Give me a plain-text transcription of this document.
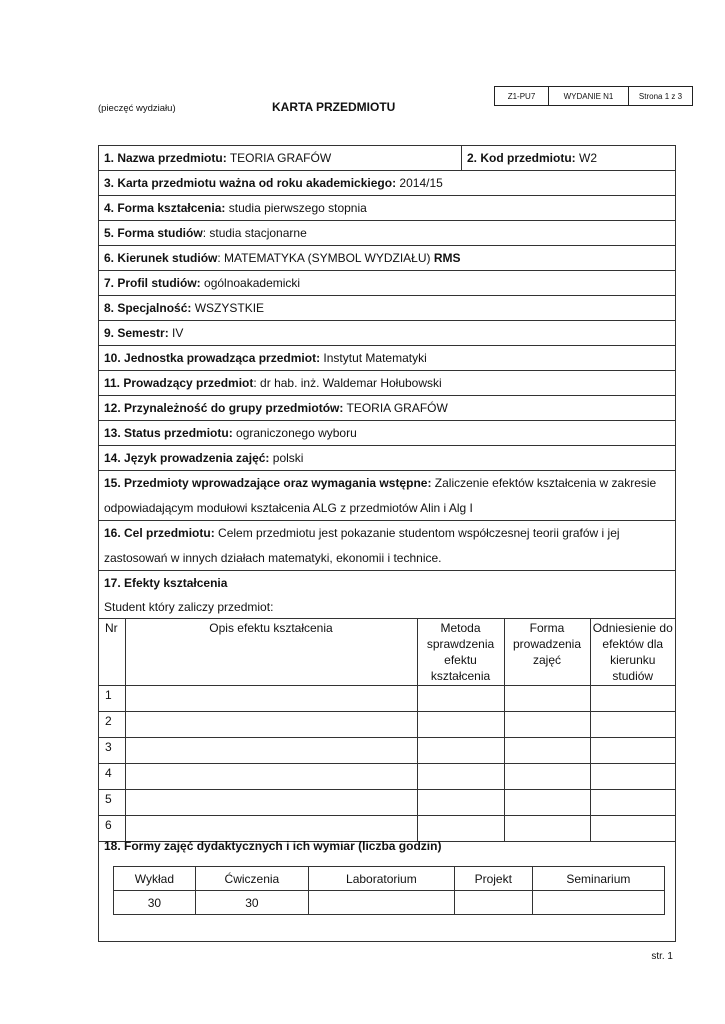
Z1-PU7	WYDANIE N1	Strona 1 z 3
(pieczęć wydziału)	KARTA PRZEDMIOTU
1. Nazwa przedmiotu: TEORIA GRAFÓW	2. Kod przedmiotu: W2
3. Karta przedmiotu ważna od roku akademickiego: 2014/15
4. Forma kształcenia: studia pierwszego stopnia
5. Forma studiów: studia stacjonarne
6. Kierunek studiów: MATEMATYKA (SYMBOL WYDZIAŁU) RMS
7. Profil studiów: ogólnoakademicki
8. Specjalność: WSZYSTKIE
9. Semestr: IV
10. Jednostka prowadząca przedmiot: Instytut Matematyki
11. Prowadzący przedmiot: dr hab. inż. Waldemar Hołubowski
12. Przynależność do grupy przedmiotów: TEORIA GRAFÓW
13. Status przedmiotu: ograniczonego wyboru
14. Język prowadzenia zajęć: polski
15. Przedmioty wprowadzające oraz wymagania wstępne: Zaliczenie efektów kształcenia w zakresie
odpowiadającym modułowi kształcenia ALG z przedmiotów Alin i Alg I
16. Cel przedmiotu: Celem przedmiotu jest pokazanie studentom współczesnej teorii grafów i jej
zastosowań w innych działach matematyki, ekonomii i technice.
17. Efekty kształcenia
Student który zaliczy przedmiot:
Nr	Opis efektu kształcenia	Metoda sprawdzenia efektu kształcenia	Forma prowadzenia zajęć	Odniesienie do efektów dla kierunku studiów
1				
2				
3				
4				
5				
6				
18. Formy zajęć dydaktycznych i ich wymiar (liczba godzin)
Wykład	Ćwiczenia	Laboratorium	Projekt	Seminarium
30	30			
str. 1
